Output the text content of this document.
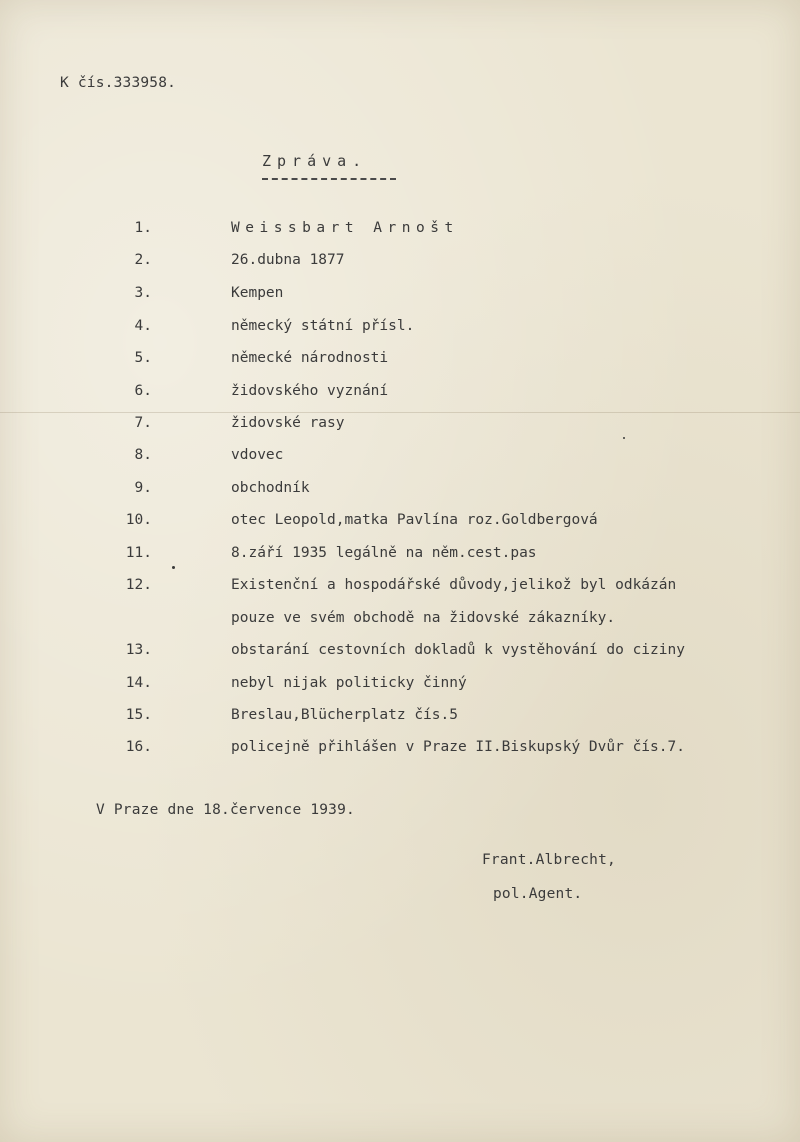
K čís.333958.
Zpráva.
1.	Weissbart Arnošt
2.	26.dubna 1877
3.	Kempen
4.	německý státní přísl.
5.	německé národnosti
6.	židovského vyznání
7.	židovské rasy
8.	vdovec
9.	obchodník
10.	otec Leopold,matka Pavlína roz.Goldbergová
11.	8.září 1935 legálně na něm.cest.pas
12.	Existenční a hospodářské důvody,jelikož byl odkázán
pouze ve svém obchodě na židovské zákazníky.
13.	obstarání cestovních dokladů k vystěhování do ciziny
14.	nebyl nijak politicky činný
15.	Breslau,Blücherplatz čís.5
16.	policejně přihlášen v Praze II.Biskupský Dvůr čís.7.
V Praze dne 18.července 1939.
Frant.Albrecht,
pol.Agent.
